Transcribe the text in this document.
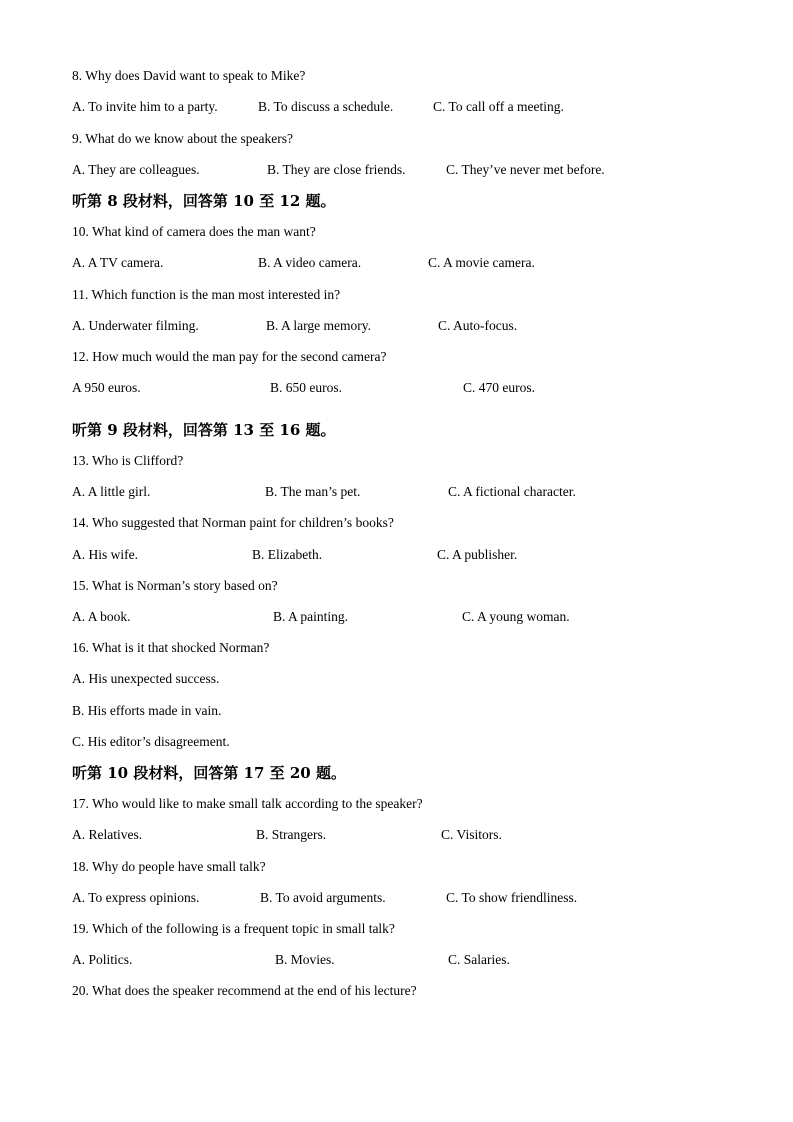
8. Why does David want to speak to Mike?
A. To invite him to a party.	B. To discuss a schedule.	C. To call off a meeting.
9. What do we know about the speakers?
A. They are colleagues.	B. They are close friends.	C. They’ve never met before.
听第 8 段材料，回答第 10 至 12 题。
10. What kind of camera does the man want?
A. A TV camera.	B. A video camera.	C. A movie camera.
11. Which function is the man most interested in?
A. Underwater filming.	B. A large memory.	C. Auto-focus.
12. How much would the man pay for the second camera?
A 950 euros.	B. 650 euros.	C. 470 euros.
听第 9 段材料，回答第 13 至 16 题。
13. Who is Clifford?
A. A little girl.	B. The man’s pet.	C. A fictional character.
14. Who suggested that Norman paint for children’s books?
A. His wife.	B. Elizabeth.	C. A publisher.
15. What is Norman’s story based on?
A. A book.	B. A painting.	C. A young woman.
16. What is it that shocked Norman?
A. His unexpected success.
B. His efforts made in vain.
C. His editor’s disagreement.
听第 10 段材料，回答第 17 至 20 题。
17. Who would like to make small talk according to the speaker?
A. Relatives.	B. Strangers.	C. Visitors.
18. Why do people have small talk?
A. To express opinions.	B. To avoid arguments.	C. To show friendliness.
19. Which of the following is a frequent topic in small talk?
A. Politics.	B. Movies.	C. Salaries.
20. What does the speaker recommend at the end of his lecture?
